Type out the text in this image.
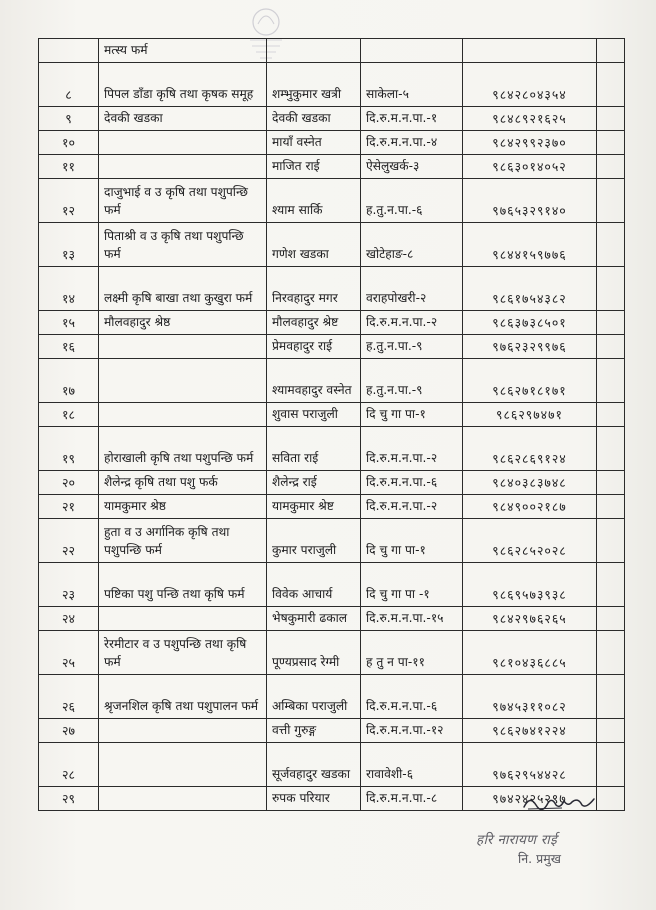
	मत्स्य फर्म				
८	पिपल डाँडा कृषि तथा कृषक समूह	शम्भुकुमार खत्री	साकेला-५	९८४२८०४३५४	
९	देवकी खडका	देवकी खडका	दि.रु.म.न.पा.-१	९८४८९२१६२५	
१०		मायाँ वस्नेत	दि.रु.म.न.पा.-४	९८४२९९२३७०	
११		माजित राई	ऐसेलुखर्क-३	९८६३०१४०५२	
१२	दाजुभाई व उ कृषि तथा पशुपन्छि फर्म	श्याम सार्कि	ह.तु.न.पा.-६	९७६५३२९१४०	
१३	पिताश्री व उ कृषि तथा पशुपन्छि फर्म	गणेश खडका	खोटेहाङ-८	९८४४१५९७७६	
१४	लक्ष्मी कृषि बाखा तथा कुखुरा फर्म	निरवहादुर मगर	वराहपोखरी-२	९८६१७५४३८२	
१५	मौलवहादुर श्रेष्ठ	मौलवहादुर श्रेष्ट	दि.रु.म.न.पा.-२	९८६३७३८५०१	
१६		प्रेमवहादुर राई	ह.तु.न.पा.-९	९७६२३२९९७६	
१७		श्यामवहादुर वस्नेत	ह.तु.न.पा.-९	९८६२७१८१७१	
१८		शुवास पराजुली	दि चु गा पा-१	९८६२९७४७१	
१९	होराखाली कृषि तथा पशुपन्छि फर्म	सविता राई	दि.रु.म.न.पा.-२	९८६२८६९१२४	
२०	शैलेन्द्र कृषि तथा पशु फर्क	शैलेन्द्र राई	दि.रु.म.न.पा.-६	९८४०३८३७४८	
२१	यामकुमार श्रेष्ठ	यामकुमार श्रेष्ट	दि.रु.म.न.पा.-२	९८४९००२१८७	
२२	हुता व उ अर्गानिक कृषि तथा पशुपन्छि फर्म	कुमार पराजुली	दि चु गा पा-१	९८६२८५२०२८	
२३	पष्टिका पशु पन्छि तथा कृषि फर्म	विवेक आचार्य	दि चु गा पा -१	९८६९५७३९३८	
२४		भेषकुमारी ढकाल	दि.रु.म.न.पा.-१५	९८४२९७६२६५	
२५	रेरमीटार व उ पशुपन्छि तथा कृषि फर्म	पूण्यप्रसाद रेग्मी	ह तु न पा-११	९८१०४३६८८५	
२६	श्रृजनशिल कृषि तथा पशुपालन फर्म	अम्बिका पराजुली	दि.रु.म.न.पा.-६	९७४५३११०८२	
२७		वत्ती गुरुङ्ग	दि.रु.म.न.पा.-१२	९८६२७४१२२४	
२८		सूर्जवहादुर खडका	रावावेशी-६	९७६२९५४४२८	
२९		रुपक परियार	दि.रु.म.न.पा.-८	९७४२४२५२९७	
हरि नारायण राई
नि. प्रमुख
